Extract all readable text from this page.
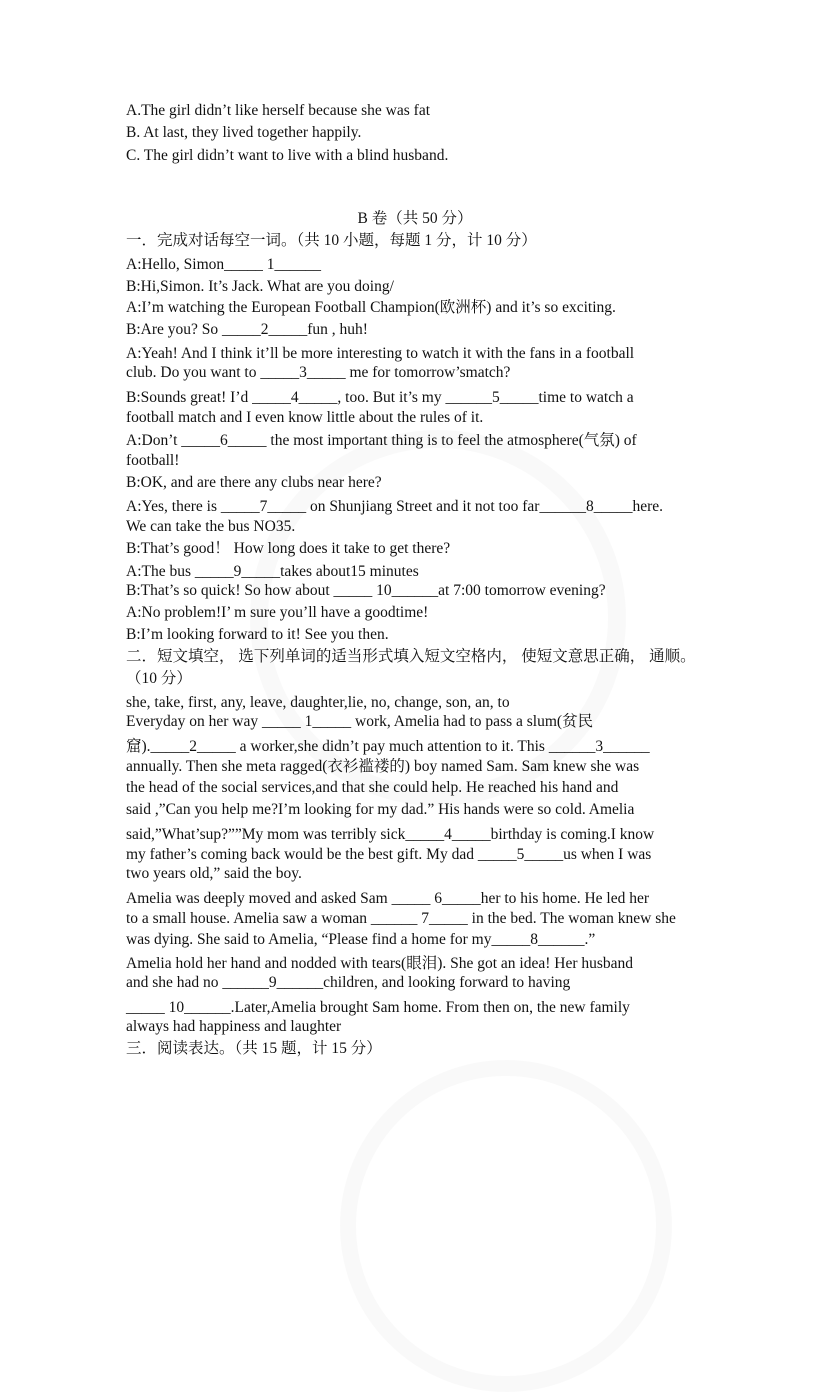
A.The girl didn’t like herself because she was fat
B. At last, they lived together happily.
C. The girl didn’t want to live with a blind husband.
B 卷（共 50 分）
一．完成对话每空一词。（共 10 小题，每题 1 分，计 10 分）
A:Hello, Simon_____ 1______
B:Hi,Simon. It’s Jack. What are you doing/
A:I’m watching the European Football Champion(欧洲杯) and it’s so exciting.
B:Are you? So _____2_____fun , huh!
A:Yeah! And I think it’ll be more interesting to watch it with the fans in a football
club. Do you want to _____3_____ me for tomorrow’smatch?
B:Sounds great! I’d _____4_____, too. But it’s my ______5_____time to watch a
football match and I even know little about the rules of it.
A:Don’t _____6_____ the most important thing is to feel the atmosphere(气氛) of
football!
B:OK, and are there any clubs near here?
A:Yes, there is _____7_____ on Shunjiang Street and it not too far______8_____here.
We can take the bus NO35.
B:That’s good！ How long does it take to get there?
A:The bus _____9_____takes about15 minutes
B:That’s so quick! So how about _____ 10______at 7:00 tomorrow evening?
A:No problem!I’ m sure you’ll have a goodtime!
B:I’m looking forward to it! See you then.
二．短文填空， 选下列单词的适当形式填入短文空格内， 使短文意思正确， 通顺。
（10 分）
she, take, first, any, leave, daughter,lie, no, change, son, an, to
Everyday on her way _____ 1_____ work, Amelia had to pass a slum(贫民
窟)._____2_____ a worker,she didn’t pay much attention to it. This ______3______
annually. Then she meta ragged(衣衫褴褛的) boy named Sam. Sam knew she was
the head of the social services,and that she could help. He reached his hand and
said ,”Can you help me?I’m looking for my dad.” His hands were so cold. Amelia
said,”What’sup?””My mom was terribly sick_____4_____birthday is coming.I know
my father’s coming back would be the best gift. My dad _____5_____us when I was
two years old,” said the boy.
Amelia was deeply moved and asked Sam _____ 6_____her to his home. He led her
to a small house. Amelia saw a woman ______ 7_____ in the bed. The woman knew she
was dying. She said to Amelia, “Please find a home for my_____8______.”
Amelia hold her hand and nodded with tears(眼泪). She got an idea! Her husband
and she had no ______9______children, and looking forward to having
_____ 10______.Later,Amelia brought Sam home. From then on, the new family
always had happiness and laughter
三．阅读表达。（共 15 题，计 15 分）
